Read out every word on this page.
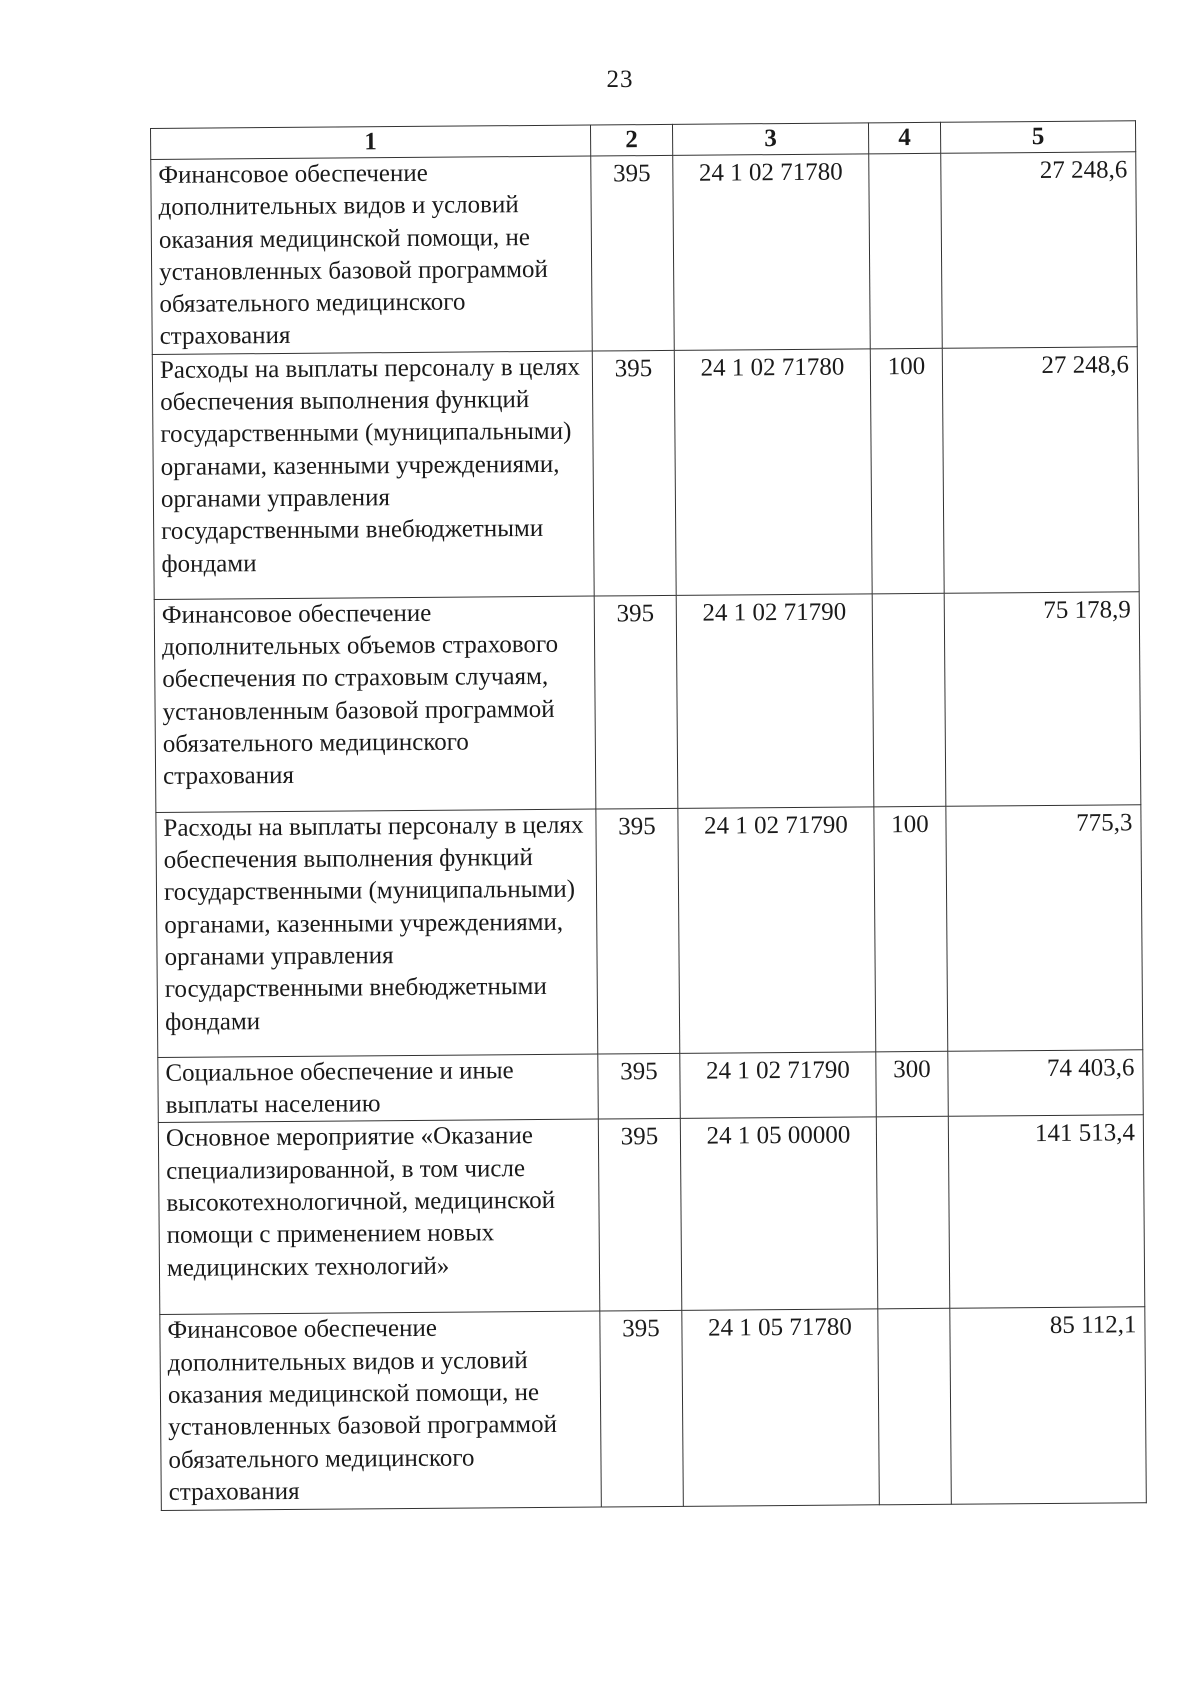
23
1	2	3	4	5
Финансовое обеспечение дополнительных видов и условий оказания медицинской помощи, не установленных базовой программой обязательного медицинского страхования	395	24 1 02 71780		27 248,6
Расходы на выплаты персоналу в целях обеспечения выполнения функций государственными (муниципальными) органами, казенными учреждениями, органами управления государственными внебюджетными фондами	395	24 1 02 71780	100	27 248,6
Финансовое обеспечение дополнительных объемов страхового обеспечения по страховым случаям, установленным базовой программой обязательного медицинского страхования	395	24 1 02 71790		75 178,9
Расходы на выплаты персоналу в целях обеспечения выполнения функций государственными (муниципальными) органами, казенными учреждениями, органами управления государственными внебюджетными фондами	395	24 1 02 71790	100	775,3
Социальное обеспечение и иные выплаты населению	395	24 1 02 71790	300	74 403,6
Основное мероприятие «Оказание специализированной, в том числе высокотехнологичной, медицинской помощи с применением новых медицинских технологий»	395	24 1 05 00000		141 513,4
Финансовое обеспечение дополнительных видов и условий оказания медицинской помощи, не установленных базовой программой обязательного медицинского страхования	395	24 1 05 71780		85 112,1
